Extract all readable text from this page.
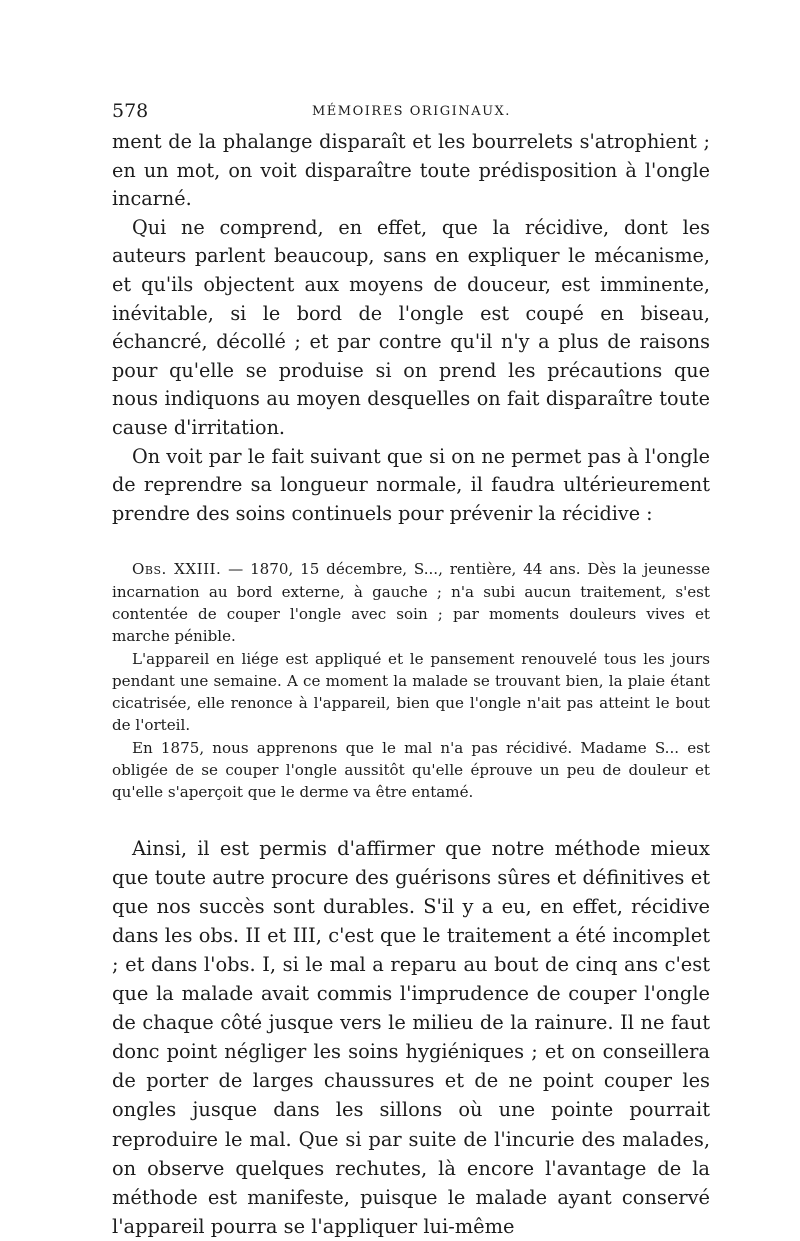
578	MÉMOIRES ORIGINAUX.

ment de la phalange disparaît et les bourrelets s'atrophient ; en un mot, on voit disparaître toute prédisposition à l'ongle incarné.

Qui ne comprend, en effet, que la récidive, dont les auteurs parlent beaucoup, sans en expliquer le mécanisme, et qu'ils objectent aux moyens de douceur, est imminente, inévitable, si le bord de l'ongle est coupé en biseau, échancré, décollé ; et par contre qu'il n'y a plus de raisons pour qu'elle se produise si on prend les précautions que nous indiquons au moyen desquelles on fait disparaître toute cause d'irritation.

On voit par le fait suivant que si on ne permet pas à l'ongle de reprendre sa longueur normale, il faudra ultérieurement prendre des soins continuels pour prévenir la récidive :

Obs. XXIII. — 1870, 15 décembre, S..., rentière, 44 ans. Dès la jeunesse incarnation au bord externe, à gauche ; n'a subi aucun traitement, s'est contentée de couper l'ongle avec soin ; par moments douleurs vives et marche pénible.

L'appareil en liége est appliqué et le pansement renouvelé tous les jours pendant une semaine. A ce moment la malade se trouvant bien, la plaie étant cicatrisée, elle renonce à l'appareil, bien que l'ongle n'ait pas atteint le bout de l'orteil.

En 1875, nous apprenons que le mal n'a pas récidivé. Madame S... est obligée de se couper l'ongle aussitôt qu'elle éprouve un peu de douleur et qu'elle s'aperçoit que le derme va être entamé.

Ainsi, il est permis d'affirmer que notre méthode mieux que toute autre procure des guérisons sûres et définitives et que nos succès sont durables. S'il y a eu, en effet, récidive dans les obs. II et III, c'est que le traitement a été incomplet ; et dans l'obs. I, si le mal a reparu au bout de cinq ans c'est que la malade avait commis l'imprudence de couper l'ongle de chaque côté jusque vers le milieu de la rainure. Il ne faut donc point négliger les soins hygiéniques ; et on conseillera de porter de larges chaussures et de ne point couper les ongles jusque dans les sillons où une pointe pourrait reproduire le mal. Que si par suite de l'incurie des malades, on observe quelques rechutes, là encore l'avantage de la méthode est manifeste, puisque le malade ayant conservé l'appareil pourra se l'appliquer lui-même
